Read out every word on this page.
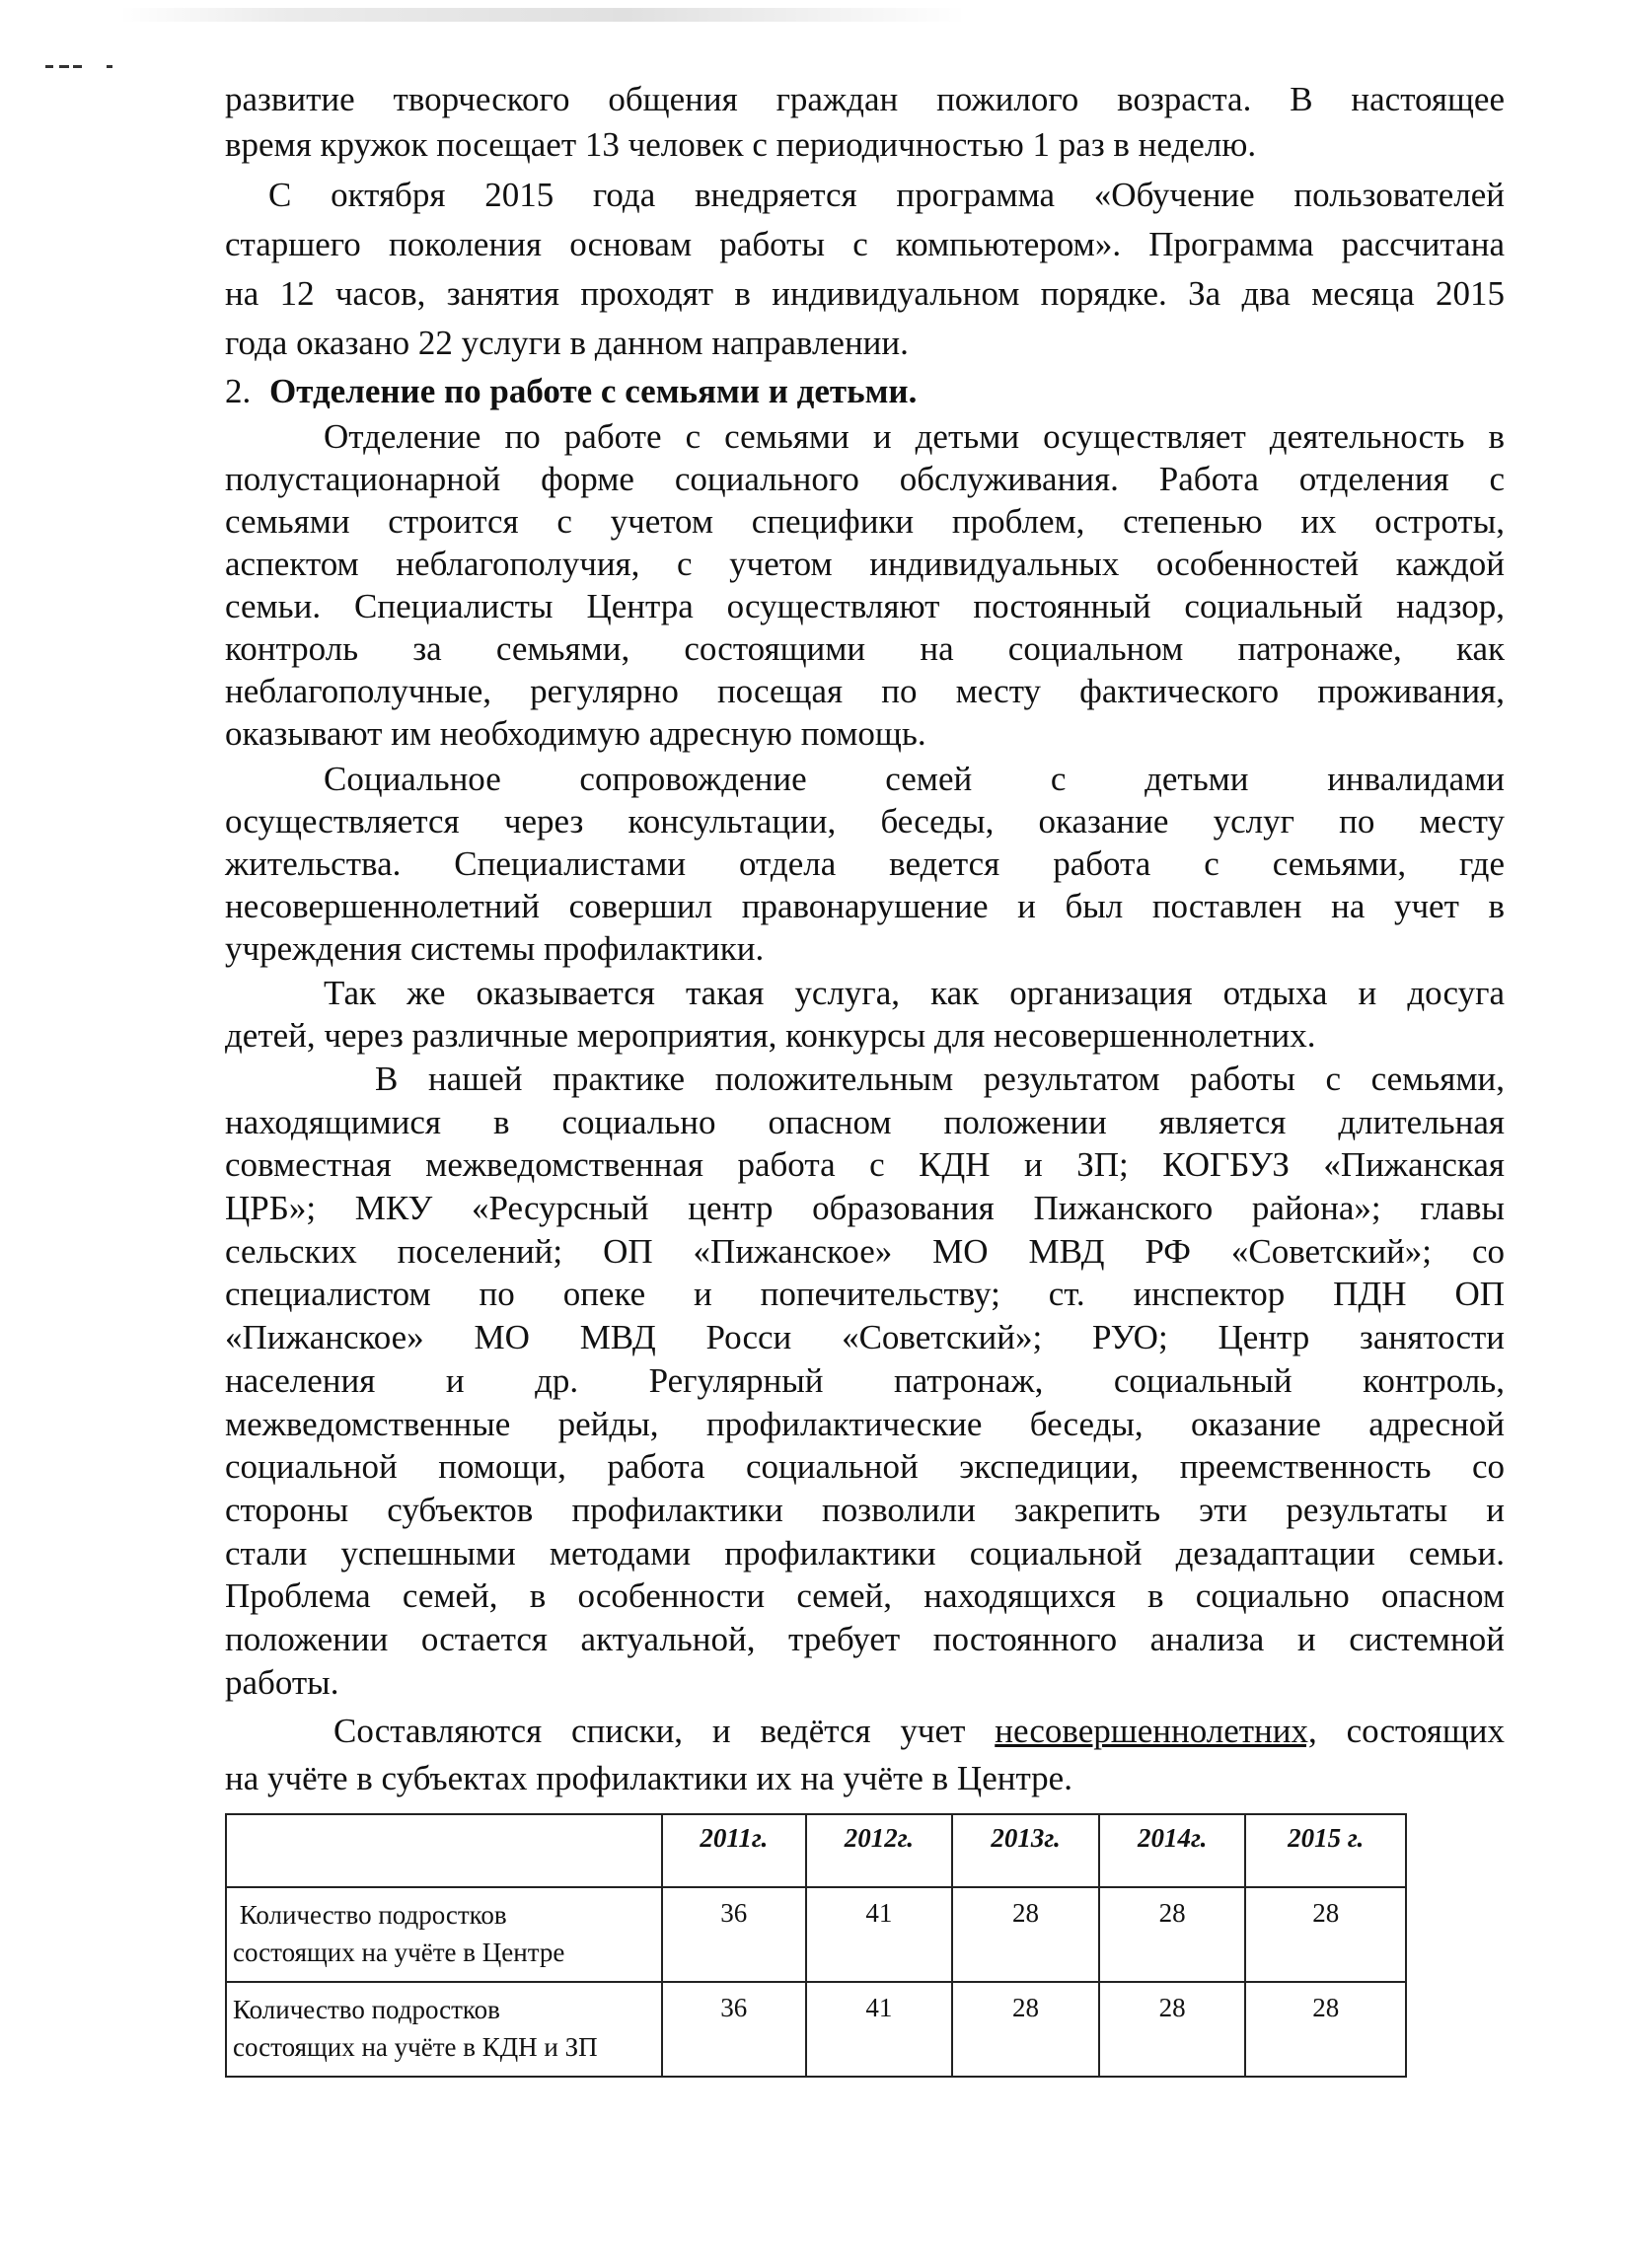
развитие творческого общения граждан пожилого возраста. В настоящее
время кружок посещает 13 человек с периодичностью 1 раз в неделю.
С октября 2015 года внедряется программа «Обучение пользователей
старшего поколения основам работы с компьютером». Программа рассчитана
на 12 часов, занятия проходят в индивидуальном порядке. За два месяца 2015
года оказано 22 услуги в данном направлении.
2. Отделение по работе с семьями и детьми.
Отделение по работе с семьями и детьми осуществляет деятельность в
полустационарной форме социального обслуживания. Работа отделения с
семьями строится с учетом специфики проблем, степенью их остроты,
аспектом неблагополучия, с учетом индивидуальных особенностей каждой
семьи. Специалисты Центра осуществляют постоянный социальный надзор,
контроль за семьями, состоящими на социальном патронаже, как
неблагополучные, регулярно посещая по месту фактического проживания,
оказывают им необходимую адресную помощь.
Социальное сопровождение семей с детьми инвалидами
осуществляется через консультации, беседы, оказание услуг по месту
жительства. Специалистами отдела ведется работа с семьями, где
несовершеннолетний совершил правонарушение и был поставлен на учет в
учреждения системы профилактики.
Так же оказывается такая услуга, как организация отдыха и досуга
детей, через различные мероприятия, конкурсы для несовершеннолетних.
В нашей практике положительным результатом работы с семьями,
находящимися в социально опасном положении является длительная
совместная межведомственная работа с КДН и ЗП; КОГБУЗ «Пижанская
ЦРБ»; МКУ «Ресурсный центр образования Пижанского района»; главы
сельских поселений; ОП «Пижанское» МО МВД РФ «Советский»; со
специалистом по опеке и попечительству; ст. инспектор ПДН ОП
«Пижанское» МО МВД Росси «Советский»; РУО; Центр занятости
населения и др. Регулярный патронаж, социальный контроль,
межведомственные рейды, профилактические беседы, оказание адресной
социальной помощи, работа социальной экспедиции, преемственность со
стороны субъектов профилактики позволили закрепить эти результаты и
стали успешными методами профилактики социальной дезадаптации семьи.
Проблема семей, в особенности семей, находящихся в социально опасном
положении остается актуальной, требует постоянного анализа и системной
работы.
Составляются списки, и ведётся учет несовершеннолетних, состоящих
на учёте в субъектах профилактики их на учёте в Центре.
	2011г.	2012г.	2013г.	2014г.	2015 г.

Количество подростков
состоящих на учёте в Центре	36	41	28	28	28

Количество подростков
состоящих на учёте в КДН и ЗП	36	41	28	28	28
